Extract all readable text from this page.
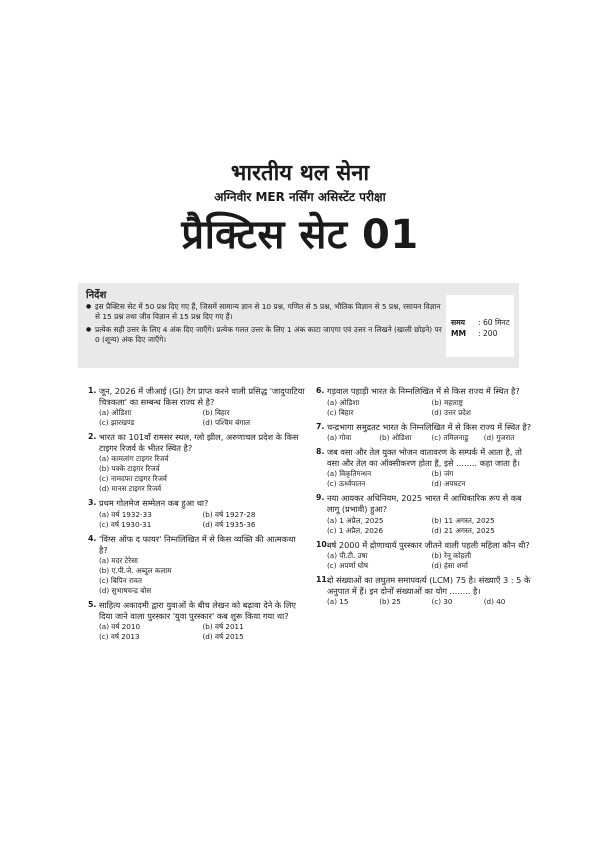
भारतीय थल सेना
अग्निवीर MER नर्सिंग असिस्टेंट परीक्षा
प्रैक्टिस सेट 01
निर्देश
● इस प्रैक्टिस सेट में 50 प्रश्न दिए गए हैं, जिसमें सामान्य ज्ञान से 10 प्रश्न, गणित से 5 प्रश्न, भौतिक विज्ञान से 5 प्रश्न, रसायन विज्ञान से 15 प्रश्न तथा जीव विज्ञान से 15 प्रश्न दिए गए हैं।
● प्रत्येक सही उत्तर के लिए 4 अंक दिए जाएँगे। प्रत्येक गलत उत्तर के लिए 1 अंक काटा जाएगा एवं उत्तर न लिखने (खाली छोड़ने) पर 0 (शून्य) अंक दिए जाएँगे।
समय : 60 मिनट
MM : 200
1. जून, 2026 में जीआई (GI) टैग प्राप्त करने वाली प्रसिद्ध 'जादुपाटिया चित्रकला' का सम्बन्ध किस राज्य से है?
(a) ओडिशा	(b) बिहार
(c) झारखण्ड	(d) पश्चिम बंगाल
2. भारत का 101वाँ रामसर स्थल, ग्लो झील, अरुणाचल प्रदेश के किस टाइगर रिजर्व के भीतर स्थित है?
(a) कामलांग टाइगर रिजर्व
(b) पक्के टाइगर रिजर्व
(c) नामदफा टाइगर रिजर्व
(d) मानस टाइगर रिजर्व
3. प्रथम गोलमेज सम्मेलन कब हुआ था?
(a) वर्ष 1932-33	(b) वर्ष 1927-28
(c) वर्ष 1930-31	(d) वर्ष 1935-36
4. 'विंग्स ऑफ द फायर' निम्नलिखित में से किस व्यक्ति की आत्मकथा है?
(a) मदर टेरेसा
(b) ए.पी.जे. अब्दुल कलाम
(c) बिपिन रावत
(d) सुभाषचन्द्र बोस
5. साहित्य अकादमी द्वारा युवाओं के बीच लेखन को बढ़ावा देने के लिए दिया जाने वाला पुरस्कार 'युवा पुरस्कार' कब शुरू किया गया था?
(a) वर्ष 2010	(b) वर्ष 2011
(c) वर्ष 2013	(d) वर्ष 2015
6. गड़वाल पहाड़ी भारत के निम्नलिखित में से किस राज्य में स्थित है?
(a) ओडिशा	(b) महाराष्ट्र
(c) बिहार	(d) उत्तर प्रदेश
7. चन्द्रभागा समुद्रतट भारत के निम्नलिखित में से किस राज्य में स्थित है?
(a) गोवा	(b) ओडिशा	(c) तमिलनाडु	(d) गुजरात
8. जब वसा और तेल युक्त भोजन वातावरण के सम्पर्क में आता है, तो वसा और तेल का ऑक्सीकरण होता है, इसे ........ कहा जाता है।
(a) विकृतिगन्धन	(b) जंग
(c) ऊर्ध्वपातन	(d) अपघटन
9. नया आयकर अधिनियम, 2025 भारत में आधिकारिक रूप से कब लागू (प्रभावी) हुआ?
(a) 1 अप्रैल, 2025	(b) 11 अगस्त, 2025
(c) 1 अप्रैल, 2026	(d) 21 अगस्त, 2025
10.
वर्ष 2000 में द्रोणाचार्य पुरस्कार जीतने वाली पहली महिला कौन थी?
(a) पी.टी. उषा	(b) रेनू कोहली
(c) अपर्णा घोष	(d) हंसा शर्मा
11.
दो संख्याओं का लघुतम समापवर्त्य (LCM) 75 है। संख्याएँ 3 : 5 के अनुपात में हैं। इन दोनों संख्याओं का योग ........ है।
(a) 15	(b) 25	(c) 30	(d) 40
